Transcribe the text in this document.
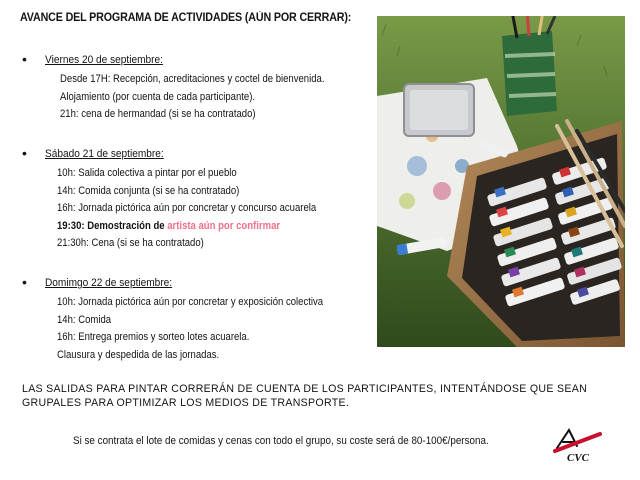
AVANCE DEL PROGRAMA DE ACTIVIDADES (AÚN POR CERRAR):
• Viernes 20 de septiembre:
Desde 17H: Recepción, acreditaciones y coctel de bienvenida.
Alojamiento (por cuenta de cada participante).
21h: cena de hermandad (si se ha contratado)
• Sábado 21 de septiembre:
10h: Salida colectiva a pintar por el pueblo
14h: Comida conjunta (si se ha contratado)
16h: Jornada pictórica aún por concretar y concurso acuarela
19:30: Demostración de artista aún por confirmar
21:30h: Cena (si se ha contratado)
• Domimgo 22 de septiembre:
10h: Jornada pictórica aún por concretar y exposición colectiva
14h: Comida
16h: Entrega premios y sorteo lotes acuarela.
Clausura y despedida de las jornadas.
LAS SALIDAS PARA PINTAR CORRERÁN DE CUENTA DE LOS PARTICIPANTES, INTENTÁNDOSE QUE SEAN GRUPALES PARA OPTIMIZAR LOS MEDIOS DE TRANSPORTE.
Si se contrata el lote de comidas y cenas con todo el grupo, su coste será de 80-100€/persona.
CVC
